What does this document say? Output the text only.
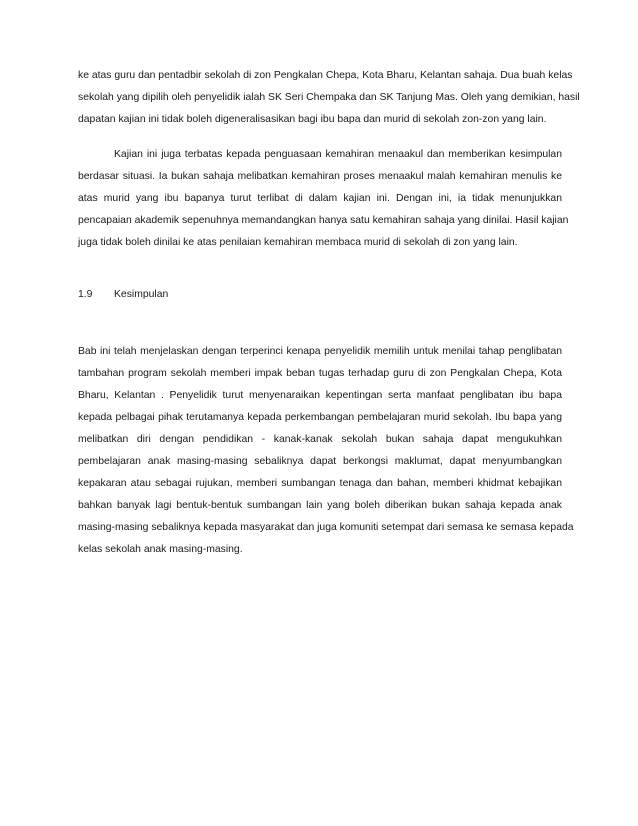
ke atas guru dan pentadbir sekolah di zon Pengkalan Chepa, Kota Bharu, Kelantan sahaja. Dua buah kelas
sekolah yang dipilih oleh penyelidik ialah SK Seri Chempaka dan SK Tanjung Mas. Oleh yang demikian, hasil
dapatan kajian ini tidak boleh digeneralisasikan bagi ibu bapa dan murid di sekolah zon-zon yang lain.

Kajian ini juga terbatas kepada penguasaan kemahiran menaakul dan memberikan kesimpulan
berdasar situasi. Ia bukan sahaja melibatkan kemahiran proses menaakul malah kemahiran menulis ke
atas murid yang ibu bapanya turut terlibat di dalam kajian ini. Dengan ini, ia tidak menunjukkan
pencapaian akademik sepenuhnya memandangkan hanya satu kemahiran sahaja yang dinilai. Hasil kajian
juga tidak boleh dinilai ke atas penilaian kemahiran membaca murid di sekolah di zon yang lain.

1.9 Kesimpulan

Bab ini telah menjelaskan dengan terperinci kenapa penyelidik memilih untuk menilai tahap penglibatan
tambahan program sekolah memberi impak beban tugas terhadap guru di zon Pengkalan Chepa, Kota
Bharu, Kelantan . Penyelidik turut menyenaraikan kepentingan serta manfaat penglibatan ibu bapa
kepada pelbagai pihak terutamanya kepada perkembangan pembelajaran murid sekolah. Ibu bapa yang
melibatkan diri dengan pendidikan - kanak-kanak sekolah bukan sahaja dapat mengukuhkan
pembelajaran anak masing-masing sebaliknya dapat berkongsi maklumat, dapat menyumbangkan
kepakaran atau sebagai rujukan, memberi sumbangan tenaga dan bahan, memberi khidmat kebajikan
bahkan banyak lagi bentuk-bentuk sumbangan lain yang boleh diberikan bukan sahaja kepada anak
masing-masing sebaliknya kepada masyarakat dan juga komuniti setempat dari semasa ke semasa kepada
kelas sekolah anak masing-masing.
